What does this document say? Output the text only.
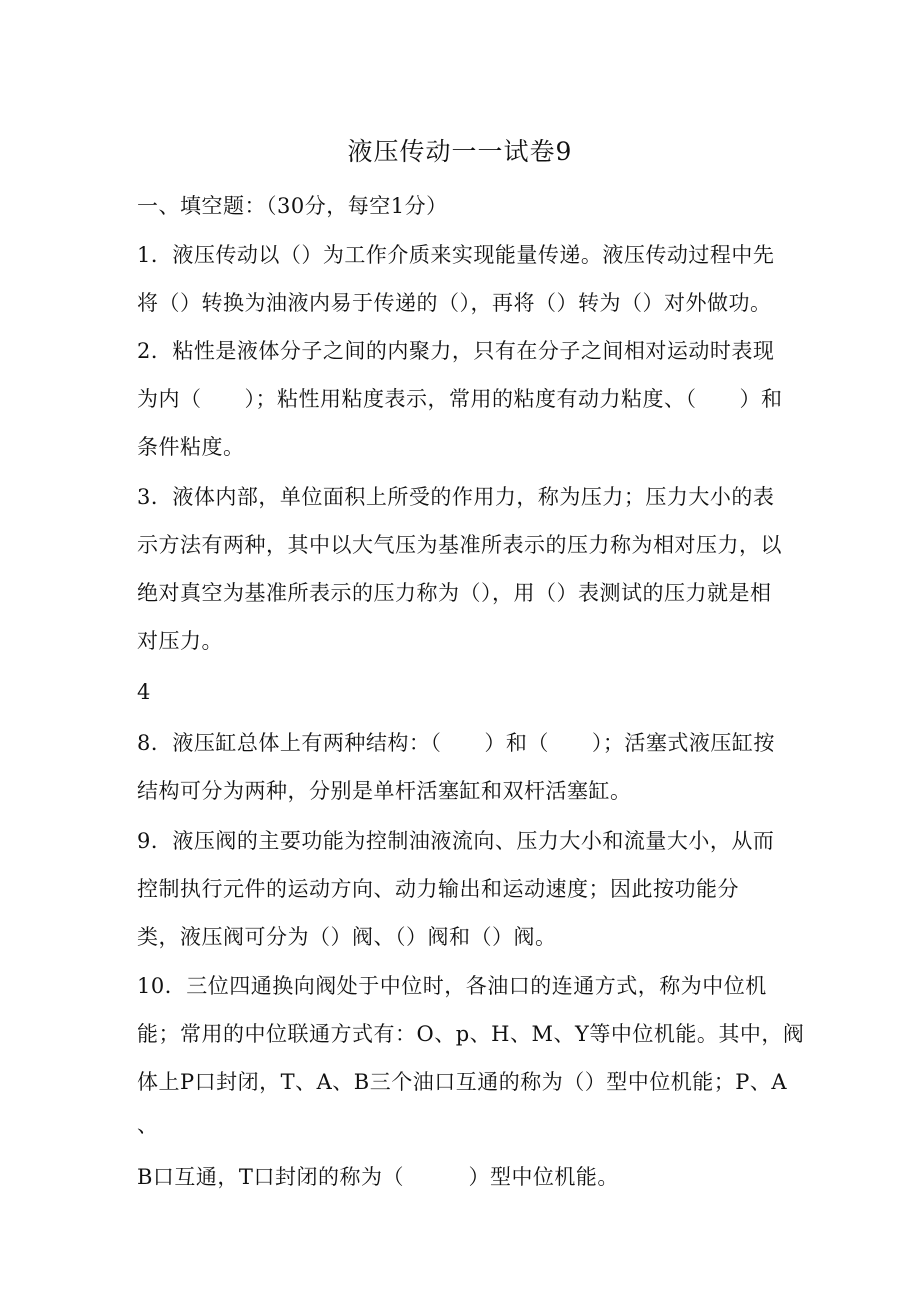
液压传动一一试卷9
一、填空题：（30分，每空1分）
1．液压传动以（）为工作介质来实现能量传递。液压传动过程中先
将（）转换为油液内易于传递的（），再将（）转为（）对外做功。
2．粘性是液体分子之间的内聚力，只有在分子之间相对运动时表现
为内（　　）；粘性用粘度表示，常用的粘度有动力粘度、（　　）和
条件粘度。
3．液体内部，单位面积上所受的作用力，称为压力；压力大小的表
示方法有两种，其中以大气压为基准所表示的压力称为相对压力，以
绝对真空为基准所表示的压力称为（），用（）表测试的压力就是相
对压力。
4
8．液压缸总体上有两种结构：（　　）和（　　）；活塞式液压缸按
结构可分为两种，分别是单杆活塞缸和双杆活塞缸。
9．液压阀的主要功能为控制油液流向、压力大小和流量大小，从而
控制执行元件的运动方向、动力输出和运动速度；因此按功能分
类，液压阀可分为（）阀、（）阀和（）阀。
10．三位四通换向阀处于中位时，各油口的连通方式，称为中位机
能；常用的中位联通方式有：O、p、H、M、Y等中位机能。其中，阀
体上P口封闭，T、A、B三个油口互通的称为（）型中位机能；P、A
、
B口互通，T口封闭的称为（　　　）型中位机能。
